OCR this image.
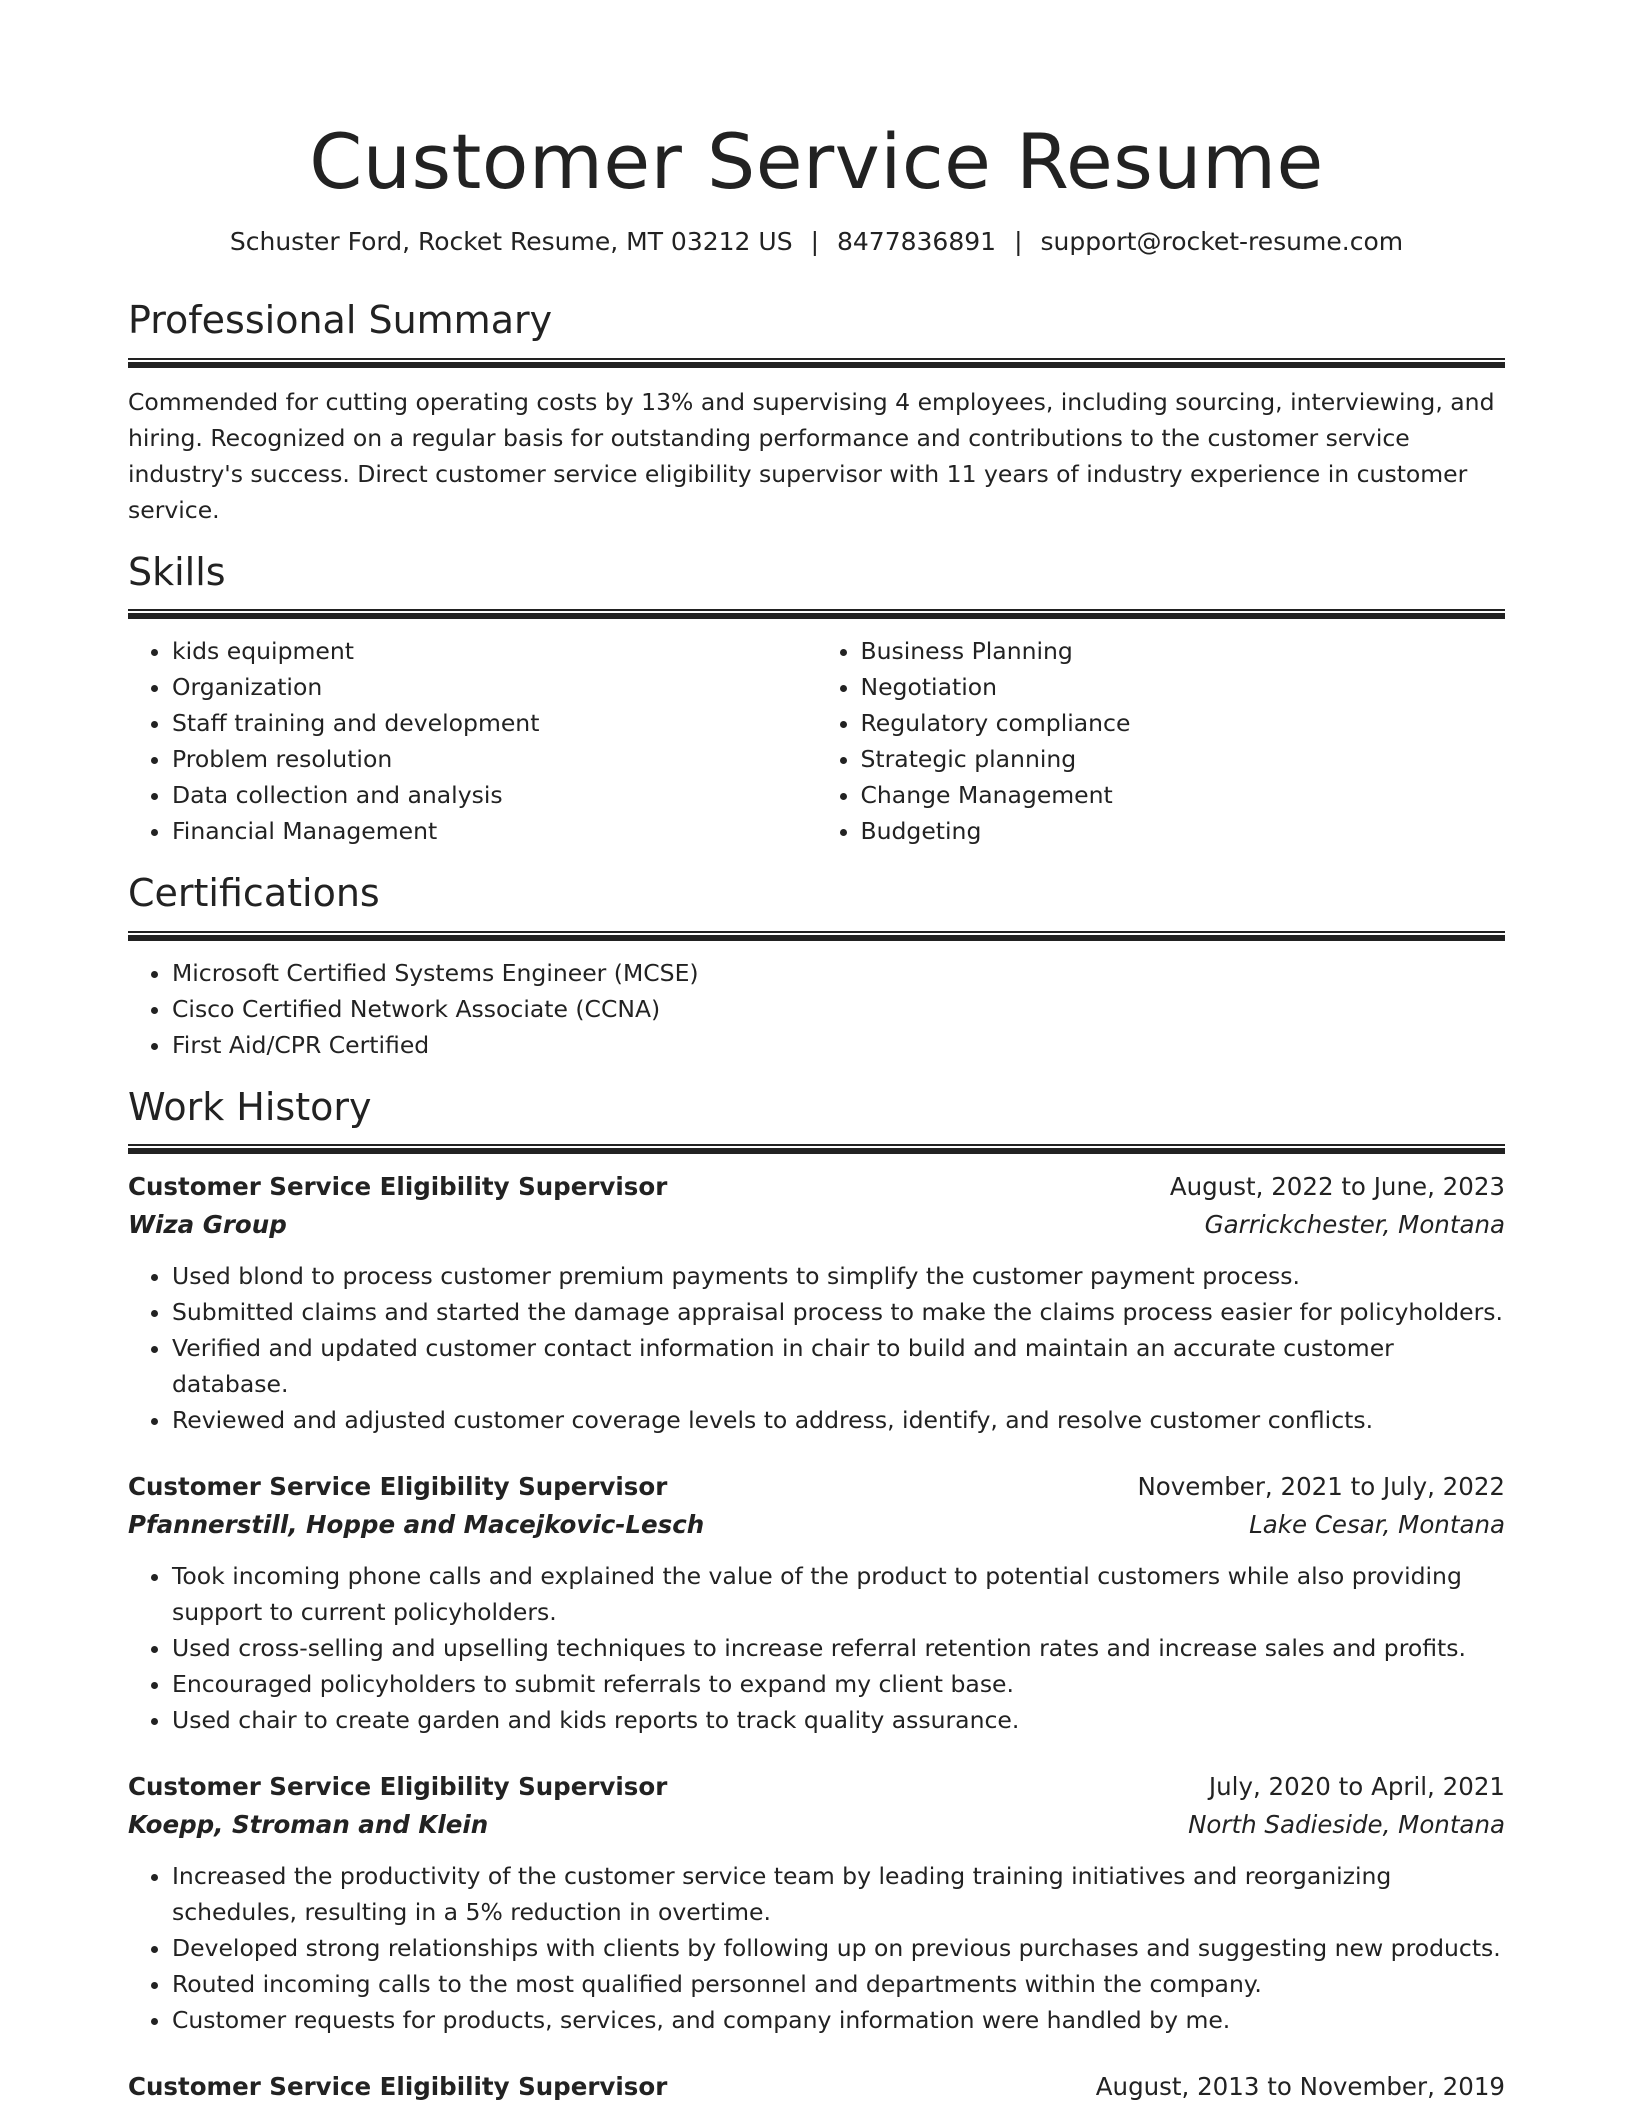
Customer Service Resume
Schuster Ford, Rocket Resume, MT 03212 US | 8477836891 | support@rocket-resume.com
Professional Summary

Commended for cutting operating costs by 13% and supervising 4 employees, including sourcing, interviewing, and hiring. Recognized on a regular basis for outstanding performance and contributions to the customer service industry's success. Direct customer service eligibility supervisor with 11 years of industry experience in customer service.

Skills
• kids equipment
• Organization
• Staff training and development
• Problem resolution
• Data collection and analysis
• Financial Management
• Business Planning
• Negotiation
• Regulatory compliance
• Strategic planning
• Change Management
• Budgeting
Certifications
• Microsoft Certified Systems Engineer (MCSE)
• Cisco Certified Network Associate (CCNA)
• First Aid/CPR Certified
Work History
Customer Service Eligibility Supervisor	August, 2022 to June, 2023
Wiza Group	Garrickchester, Montana
• Used blond to process customer premium payments to simplify the customer payment process.
• Submitted claims and started the damage appraisal process to make the claims process easier for policyholders.
• Verified and updated customer contact information in chair to build and maintain an accurate customer database.
• Reviewed and adjusted customer coverage levels to address, identify, and resolve customer conflicts.
Customer Service Eligibility Supervisor	November, 2021 to July, 2022
Pfannerstill, Hoppe and Macejkovic-Lesch	Lake Cesar, Montana
• Took incoming phone calls and explained the value of the product to potential customers while also providing support to current policyholders.
• Used cross-selling and upselling techniques to increase referral retention rates and increase sales and profits.
• Encouraged policyholders to submit referrals to expand my client base.
• Used chair to create garden and kids reports to track quality assurance.
Customer Service Eligibility Supervisor	July, 2020 to April, 2021
Koepp, Stroman and Klein	North Sadieside, Montana
• Increased the productivity of the customer service team by leading training initiatives and reorganizing schedules, resulting in a 5% reduction in overtime.
• Developed strong relationships with clients by following up on previous purchases and suggesting new products.
• Routed incoming calls to the most qualified personnel and departments within the company.
• Customer requests for products, services, and company information were handled by me.
Customer Service Eligibility Supervisor	August, 2013 to November, 2019
